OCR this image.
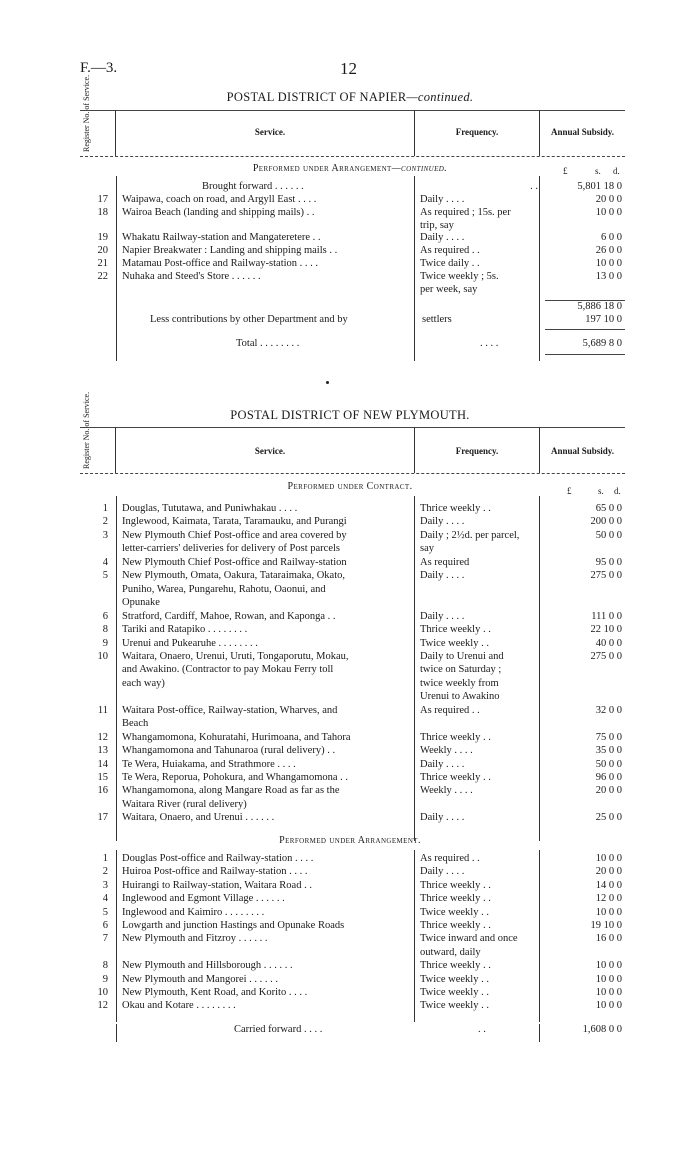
F.—3.	12
POSTAL DISTRICT OF NAPIER—continued.
Register No. of Service.	Service.	Frequency.	Annual Subsidy.
Performed under Arrangement—continued.	£	s. d.
Brought forward . . . . . .	. .	5,801 18 0
17 Waipawa, coach on road, and Argyll East . . . .	Daily . . . .	20 0 0
18 Wairoa Beach (landing and shipping mails) . .	As required ; 15s. per	10 0 0
trip, say
19 Whakatu Railway-station and Mangateretere . .	Daily . . . .	6 0 0
20 Napier Breakwater : Landing and shipping mails . .	As required . .	26 0 0
21 Matamau Post-office and Railway-station . . . .	Twice daily . .	10 0 0
22 Nuhaka and Steed's Store . . . . . .	Twice weekly ; 5s.	13 0 0
per week, say
5,886 18 0
Less contributions by other Department and by	settlers	197 10 0
Total . . . . . . . .	. . . .	5,689 8 0
POSTAL DISTRICT OF NEW PLYMOUTH.
Register No. of Service.	Service.	Frequency.	Annual Subsidy.
Performed under Contract.	£	s. d.
1 Douglas, Tututawa, and Puniwhakau . . . .	Thrice weekly . .	65 0 0
2 Inglewood, Kaimata, Tarata, Taramauku, and Purangi	Daily . . . .	200 0 0
3 New Plymouth Chief Post-office and area covered by	Daily ; 2½d. per parcel,	50 0 0
letter-carriers' deliveries for delivery of Post parcels	say
4 New Plymouth Chief Post-office and Railway-station	As required	95 0 0
5 New Plymouth, Omata, Oakura, Tataraimaka, Okato,	Daily . . . .	275 0 0
Puniho, Warea, Pungarehu, Rahotu, Oaonui, and
Opunake
6 Stratford, Cardiff, Mahoe, Rowan, and Kaponga . .	Daily . . . .	111 0 0
8 Tariki and Ratapiko . . . . . . . .	Thrice weekly . .	22 10 0
9 Urenui and Pukearuhe . . . . . . . .	Twice weekly . .	40 0 0
10 Waitara, Onaero, Urenui, Uruti, Tongaporutu, Mokau,	Daily to Urenui and	275 0 0
and Awakino. (Contractor to pay Mokau Ferry toll	twice on Saturday ;
each way)	twice weekly from
Urenui to Awakino
11 Waitara Post-office, Railway-station, Wharves, and	As required . .	32 0 0
Beach
12 Whangamomona, Kohuratahi, Hurimoana, and Tahora	Thrice weekly . .	75 0 0
13 Whangamomona and Tahunaroa (rural delivery) . .	Weekly . . . .	35 0 0
14 Te Wera, Huiakama, and Strathmore . . . .	Daily . . . .	50 0 0
15 Te Wera, Reporua, Pohokura, and Whangamomona . .	Thrice weekly . .	96 0 0
16 Whangamomona, along Mangare Road as far as the	Weekly . . . .	20 0 0
Waitara River (rural delivery)
17 Waitara, Onaero, and Urenui . . . . . .	Daily . . . .	25 0 0
Performed under Arrangement.
1 Douglas Post-office and Railway-station . . . .	As required . .	10 0 0
2 Huiroa Post-office and Railway-station . . . .	Daily . . . .	20 0 0
3 Huirangi to Railway-station, Waitara Road . .	Thrice weekly . .	14 0 0
4 Inglewood and Egmont Village . . . . . .	Thrice weekly . .	12 0 0
5 Inglewood and Kaimiro . . . . . . . .	Twice weekly . .	10 0 0
6 Lowgarth and junction Hastings and Opunake Roads	Thrice weekly . .	19 10 0
7 New Plymouth and Fitzroy . . . . . .	Twice inward and once	16 0 0
outward, daily
8 New Plymouth and Hillsborough . . . . . .	Thrice weekly . .	10 0 0
9 New Plymouth and Mangorei . . . . . .	Twice weekly . .	10 0 0
10 New Plymouth, Kent Road, and Korito . . . .	Twice weekly . .	10 0 0
12 Okau and Kotare . . . . . . . .	Twice weekly . .	10 0 0
Carried forward . . . .	. .	1,608 0 0
